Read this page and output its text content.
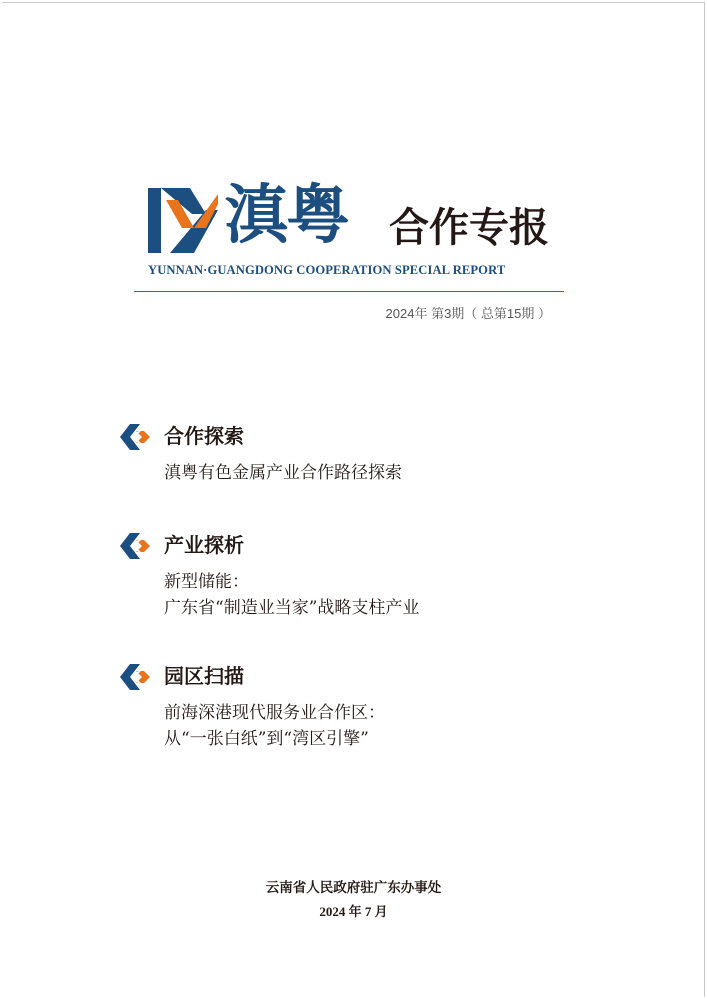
滇粤 合作专报
YUNNAN·GUANGDONG COOPERATION SPECIAL REPORT
2024年 第3期（ 总第15期 ）
合作探索
滇粤有色金属产业合作路径探索
产业探析
新型储能：
广东省“制造业当家”战略支柱产业
园区扫描
前海深港现代服务业合作区：
从“一张白纸”到“湾区引擎”
云南省人民政府驻广东办事处
2024 年 7 月
